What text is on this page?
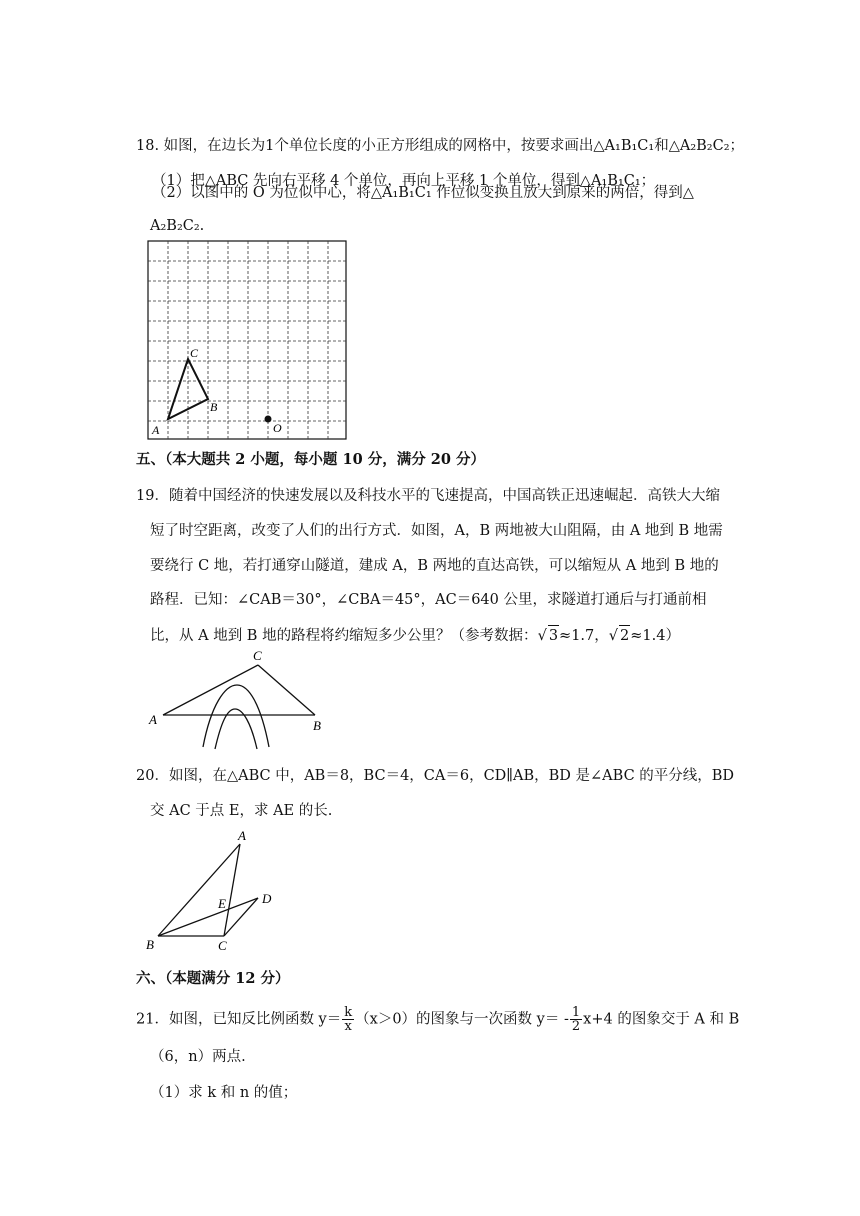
18. 如图，在边长为1个单位长度的小正方形组成的网格中，按要求画出△A₁B₁C₁和△A₂B₂C₂；
（1）把△ABC 先向右平移 4 个单位，再向上平移 1 个单位，得到△A₁B₁C₁；
（2）以图中的 O 为位似中心，将△A₁B₁C₁ 作位似变换且放大到原来的两倍，得到△
A₂B₂C₂.
C
B
A	O
五、（本大题共 2 小题，每小题 10 分，满分 20 分）
19．随着中国经济的快速发展以及科技水平的飞速提高，中国高铁正迅速崛起．高铁大大缩
短了时空距离，改变了人们的出行方式．如图，A，B 两地被大山阻隔，由 A 地到 B 地需
要绕行 C 地，若打通穿山隧道，建成 A，B 两地的直达高铁，可以缩短从 A 地到 B 地的
路程．已知：∠CAB＝30°，∠CBA＝45°，AC＝640 公里，求隧道打通后与打通前相
比，从 A 地到 B 地的路程将约缩短多少公里？（参考数据：√ 3≈1.7，√ 2≈1.4）
C
A	B
20．如图，在△ABC 中，AB＝8，BC＝4，CA＝6，CD∥AB，BD 是∠ABC 的平分线，BD
交 AC 于点 E，求 AE 的长.
A
E	D
B	C
六、（本题满分 12 分）
21．如图，已知反比例函数 $y= \frac{k}{x} (x>0)$的图象与一次函数 $y= - \frac{1}{2} x+4$ 的图象交于 A 和 B
（6，n）两点.
（1）求 k 和 n 的值；
